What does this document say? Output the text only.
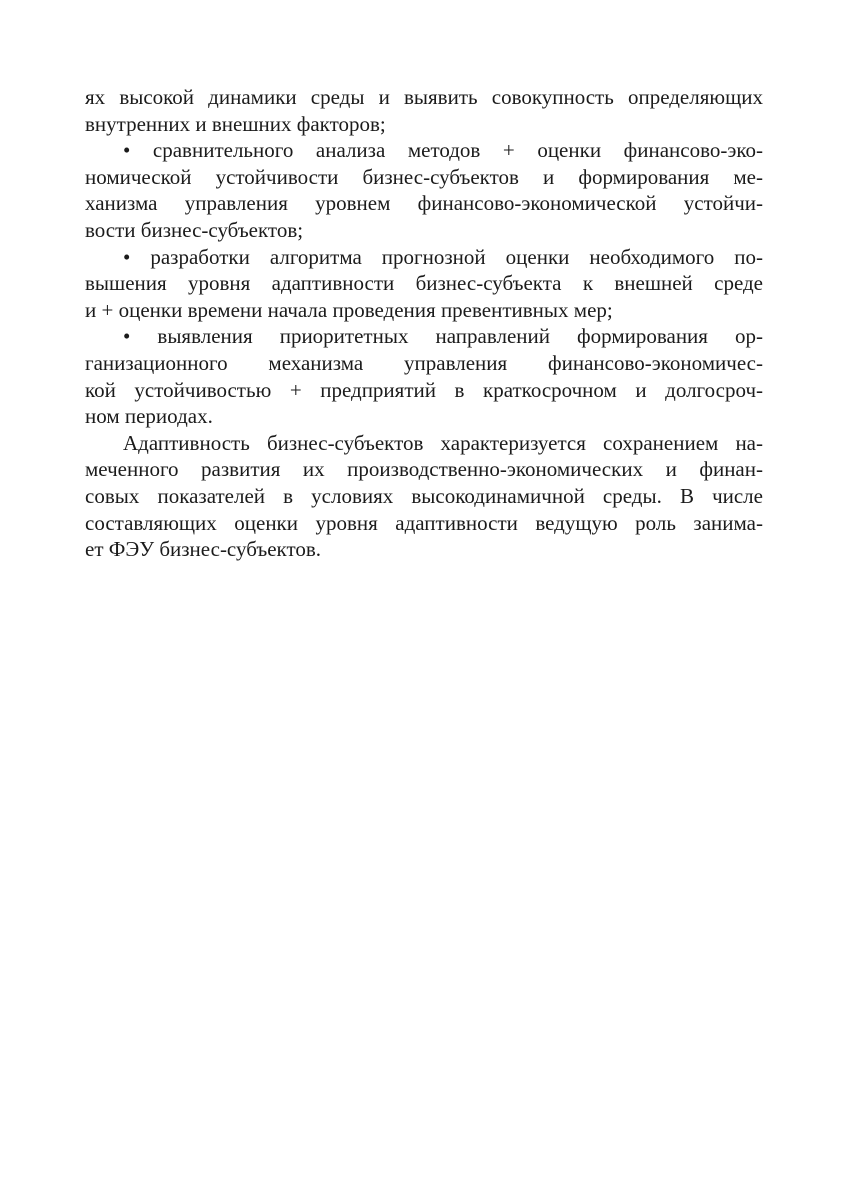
ях высокой динамики среды и выявить совокупность определяющих
внутренних и внешних факторов;
• сравнительного анализа методов + оценки финансово-эко-
номической устойчивости бизнес-субъектов и формирования ме-
ханизма управления уровнем финансово-экономической устойчи-
вости бизнес-субъектов;
• разработки алгоритма прогнозной оценки необходимого по-
вышения уровня адаптивности бизнес-субъекта к внешней среде
и + оценки времени начала проведения превентивных мер;
• выявления приоритетных направлений формирования ор-
ганизационного механизма управления финансово-экономичес-
кой устойчивостью + предприятий в краткосрочном и долгосроч-
ном периодах.
Адаптивность бизнес-субъектов характеризуется сохранением на-
меченного развития их производственно-экономических и финан-
совых показателей в условиях высокодинамичной среды. В числе
составляющих оценки уровня адаптивности ведущую роль занима-
ет ФЭУ бизнес-субъектов.
